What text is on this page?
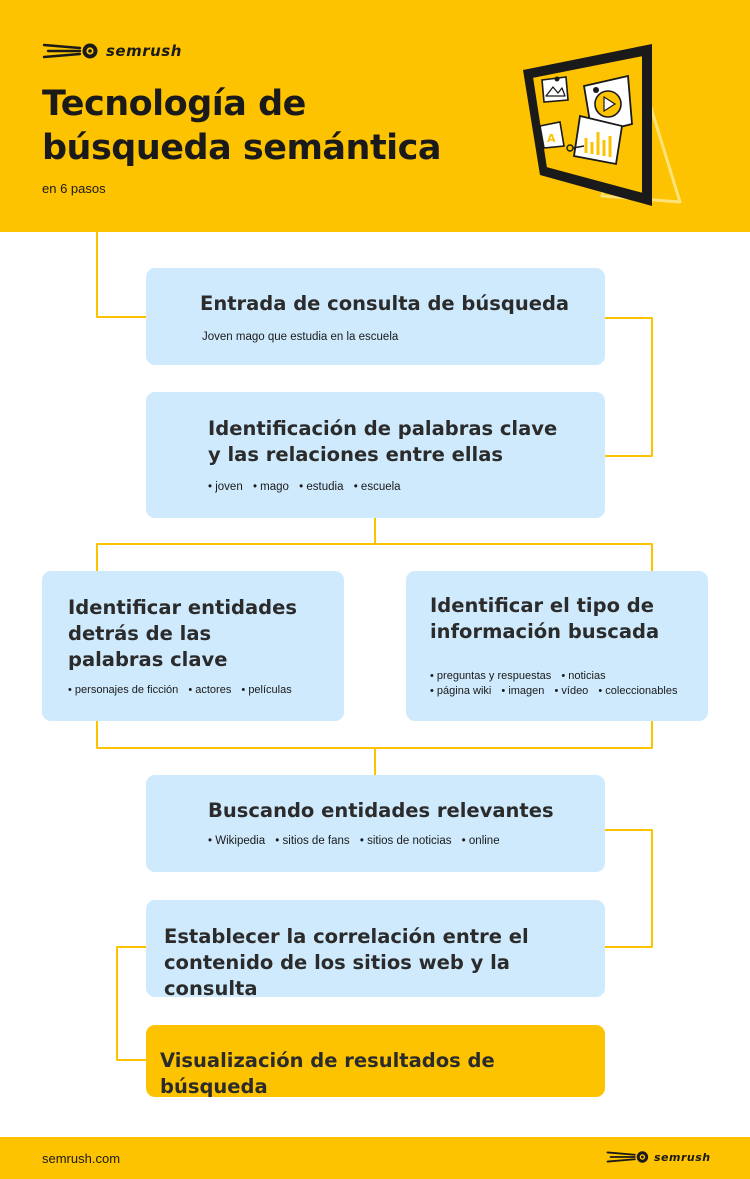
semrush
Tecnología de
búsqueda semántica
en 6 pasos
A
Entrada de consulta de búsqueda
Joven mago que estudia en la escuela
Identificación de palabras clave
y las relaciones entre ellas
• joven • mago • estudia • escuela
Identificar entidades
detrás de las
palabras clave
• personajes de ficción • actores • películas
Identificar el tipo de
información buscada
• preguntas y respuestas • noticias
• página wiki • imagen • vídeo • coleccionables
Buscando entidades relevantes
• Wikipedia • sitios de fans • sitios de noticias • online
Establecer la correlación entre el
contenido de los sitios web y la consulta
Visualización de resultados de búsqueda
semrush.com	semrush
